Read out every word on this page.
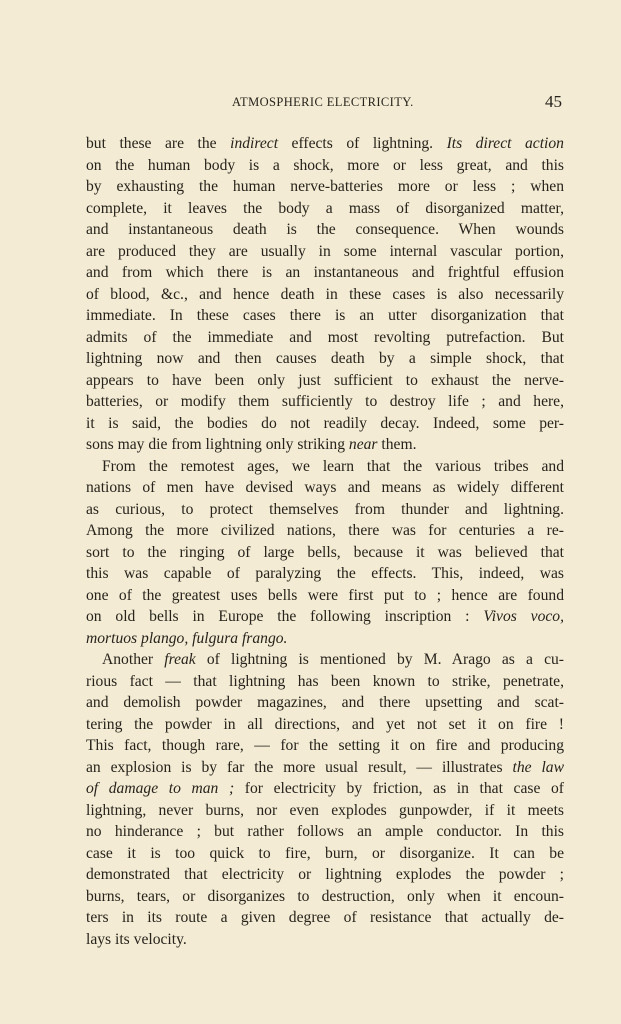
ATMOSPHERIC ELECTRICITY.	45
but these are the indirect effects of lightning. Its direct action
on the human body is a shock, more or less great, and this
by exhausting the human nerve-batteries more or less ; when
complete, it leaves the body a mass of disorganized matter,
and instantaneous death is the consequence. When wounds
are produced they are usually in some internal vascular portion,
and from which there is an instantaneous and frightful effusion
of blood, &c., and hence death in these cases is also necessarily
immediate. In these cases there is an utter disorganization that
admits of the immediate and most revolting putrefaction. But
lightning now and then causes death by a simple shock, that
appears to have been only just sufficient to exhaust the nerve-
batteries, or modify them sufficiently to destroy life ; and here,
it is said, the bodies do not readily decay. Indeed, some per-
sons may die from lightning only striking near them.
From the remotest ages, we learn that the various tribes and
nations of men have devised ways and means as widely different
as curious, to protect themselves from thunder and lightning.
Among the more civilized nations, there was for centuries a re-
sort to the ringing of large bells, because it was believed that
this was capable of paralyzing the effects. This, indeed, was
one of the greatest uses bells were first put to ; hence are found
on old bells in Europe the following inscription : Vivos voco,
mortuos plango, fulgura frango.
Another freak of lightning is mentioned by M. Arago as a cu-
rious fact — that lightning has been known to strike, penetrate,
and demolish powder magazines, and there upsetting and scat-
tering the powder in all directions, and yet not set it on fire !
This fact, though rare, — for the setting it on fire and producing
an explosion is by far the more usual result, — illustrates the law
of damage to man ; for electricity by friction, as in that case of
lightning, never burns, nor even explodes gunpowder, if it meets
no hinderance ; but rather follows an ample conductor. In this
case it is too quick to fire, burn, or disorganize. It can be
demonstrated that electricity or lightning explodes the powder ;
burns, tears, or disorganizes to destruction, only when it encoun-
ters in its route a given degree of resistance that actually de-
lays its velocity.
